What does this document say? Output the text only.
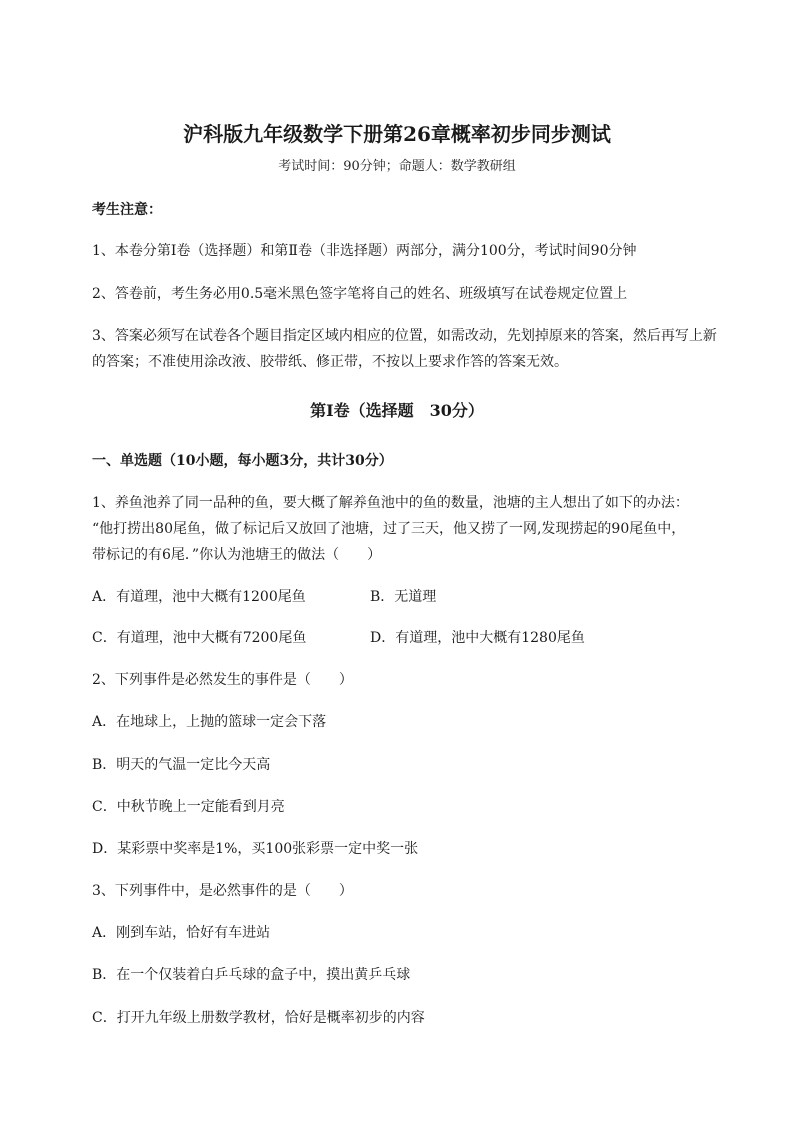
沪科版九年级数学下册第26章概率初步同步测试
考试时间：90分钟；命题人：数学教研组
考生注意：
1、本卷分第I卷（选择题）和第Ⅱ卷（非选择题）两部分，满分100分，考试时间90分钟
2、答卷前，考生务必用0.5毫米黑色签字笔将自己的姓名、班级填写在试卷规定位置上
3、答案必须写在试卷各个题目指定区域内相应的位置，如需改动，先划掉原来的答案，然后再写上新
的答案；不准使用涂改液、胶带纸、修正带，不按以上要求作答的答案无效。
第I卷（选择题　30分）
一、单选题（10小题，每小题3分，共计30分）
1、养鱼池养了同一品种的鱼，要大概了解养鱼池中的鱼的数量，池塘的主人想出了如下的办法：
“他打捞出80尾鱼，做了标记后又放回了池塘，过了三天，他又捞了一网,发现捞起的90尾鱼中，
带标记的有6尾．”你认为池塘王的做法（　　）
A．有道理，池中大概有1200尾鱼	B．无道理
C．有道理，池中大概有7200尾鱼	D．有道理，池中大概有1280尾鱼
2、下列事件是必然发生的事件是（　　）
A．在地球上，上抛的篮球一定会下落
B．明天的气温一定比今天高
C．中秋节晚上一定能看到月亮
D．某彩票中奖率是1%，买100张彩票一定中奖一张
3、下列事件中，是必然事件的是（　　）
A．刚到车站，恰好有车进站
B．在一个仅装着白乒乓球的盒子中，摸出黄乒乓球
C．打开九年级上册数学教材，恰好是概率初步的内容
